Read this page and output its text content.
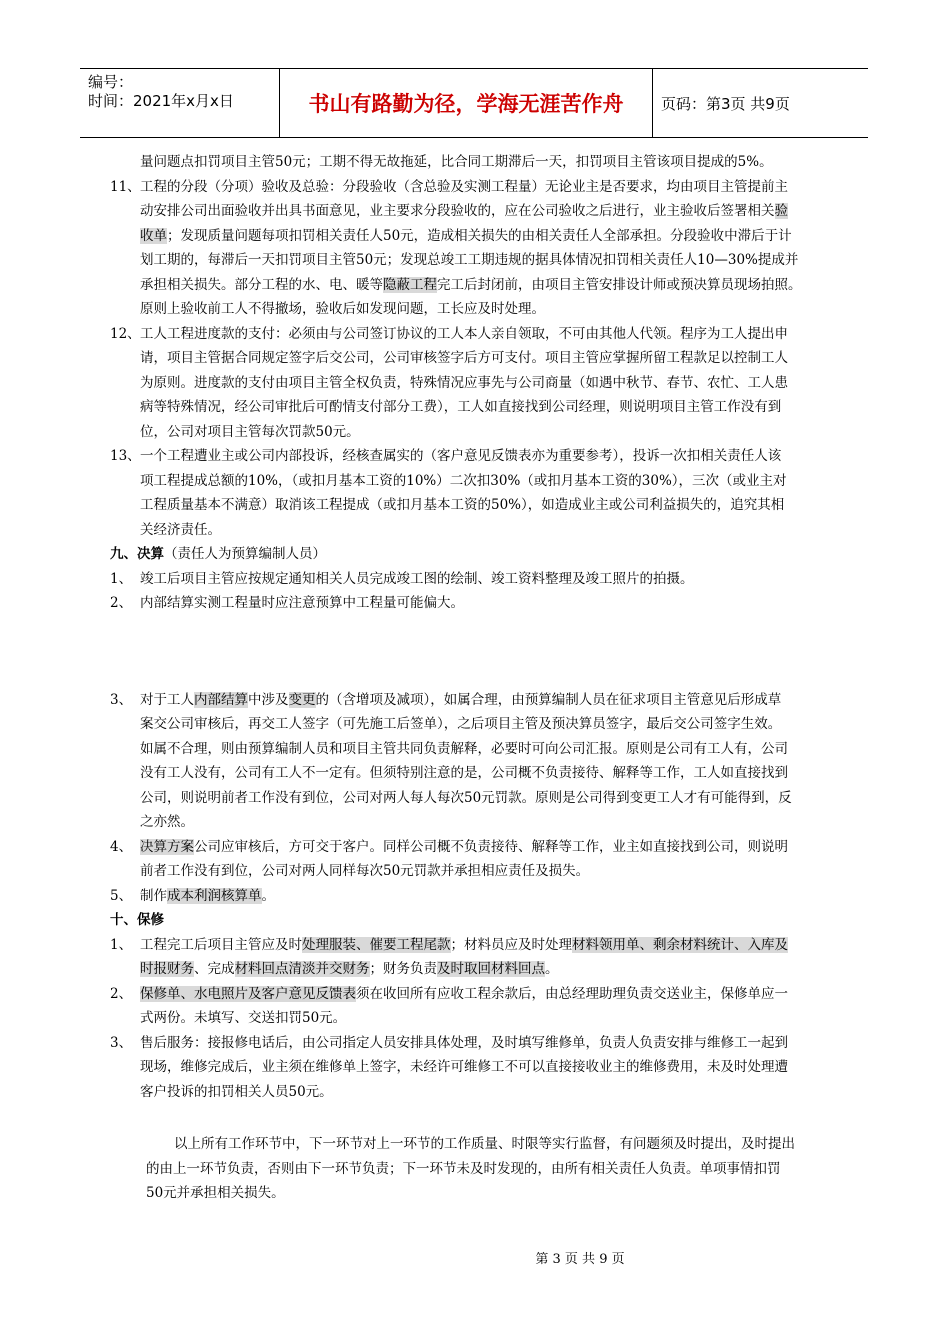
编号：
时间：2021年x月x日	书山有路勤为径，学海无涯苦作舟	页码：第3页 共9页
量问题点扣罚项目主管50元；工期不得无故拖延，比合同工期滞后一天，扣罚项目主管该项目提成的5%。
11、 工程的分段（分项）验收及总验：分段验收（含总验及实测工程量）无论业主是否要求，均由项目主管提前主
动安排公司出面验收并出具书面意见，业主要求分段验收的，应在公司验收之后进行，业主验收后签署相关验
收单；发现质量问题每项扣罚相关责任人50元，造成相关损失的由相关责任人全部承担。分段验收中滞后于计
划工期的，每滞后一天扣罚项目主管50元；发现总竣工工期违规的据具体情况扣罚相关责任人10—30%提成并
承担相关损失。部分工程的水、电、暖等隐蔽工程完工后封闭前，由项目主管安排设计师或预决算员现场拍照。
原则上验收前工人不得撤场，验收后如发现问题，工长应及时处理。
12、 工人工程进度款的支付：必须由与公司签订协议的工人本人亲自领取，不可由其他人代领。程序为工人提出申
请，项目主管据合同规定签字后交公司，公司审核签字后方可支付。项目主管应掌握所留工程款足以控制工人
为原则。进度款的支付由项目主管全权负责，特殊情况应事先与公司商量（如遇中秋节、春节、农忙、工人患
病等特殊情况，经公司审批后可酌情支付部分工费），工人如直接找到公司经理，则说明项目主管工作没有到
位，公司对项目主管每次罚款50元。
13、 一个工程遭业主或公司内部投诉，经核查属实的（客户意见反馈表亦为重要参考），投诉一次扣相关责任人该
项工程提成总额的10%，（或扣月基本工资的10%）二次扣30%（或扣月基本工资的30%），三次（或业主对
工程质量基本不满意）取消该工程提成（或扣月基本工资的50%），如造成业主或公司利益损失的，追究其相
关经济责任。
九、决算（责任人为预算编制人员）
1、 竣工后项目主管应按规定通知相关人员完成竣工图的绘制、竣工资料整理及竣工照片的拍摄。
2、 内部结算实测工程量时应注意预算中工程量可能偏大。
3、 对于工人内部结算中涉及变更的（含增项及减项），如属合理，由预算编制人员在征求项目主管意见后形成草
案交公司审核后，再交工人签字（可先施工后签单），之后项目主管及预决算员签字，最后交公司签字生效。
如属不合理，则由预算编制人员和项目主管共同负责解释，必要时可向公司汇报。原则是公司有工人有，公司
没有工人没有，公司有工人不一定有。但须特别注意的是，公司概不负责接待、解释等工作，工人如直接找到
公司，则说明前者工作没有到位，公司对两人每人每次50元罚款。原则是公司得到变更工人才有可能得到，反
之亦然。
4、 决算方案公司应审核后，方可交于客户。同样公司概不负责接待、解释等工作，业主如直接找到公司，则说明
前者工作没有到位，公司对两人同样每次50元罚款并承担相应责任及损失。
5、 制作成本利润核算单。
十、保修
1、 工程完工后项目主管应及时处理服装、催要工程尾款；材料员应及时处理材料领用单、剩余材料统计、入库及
时报财务、完成材料回点清淡并交财务；财务负责及时取回材料回点。
2、 保修单、水电照片及客户意见反馈表须在收回所有应收工程余款后，由总经理助理负责交送业主，保修单应一
式两份。未填写、交送扣罚50元。
3、 售后服务：接报修电话后，由公司指定人员安排具体处理，及时填写维修单，负责人负责安排与维修工一起到
现场，维修完成后，业主须在维修单上签字，未经许可维修工不可以直接接收业主的维修费用，未及时处理遭
客户投诉的扣罚相关人员50元。
以上所有工作环节中，下一环节对上一环节的工作质量、时限等实行监督，有问题须及时提出，及时提出
的由上一环节负责，否则由下一环节负责；下一环节未及时发现的，由所有相关责任人负责。单项事情扣罚
50元并承担相关损失。
第 3 页 共 9 页
